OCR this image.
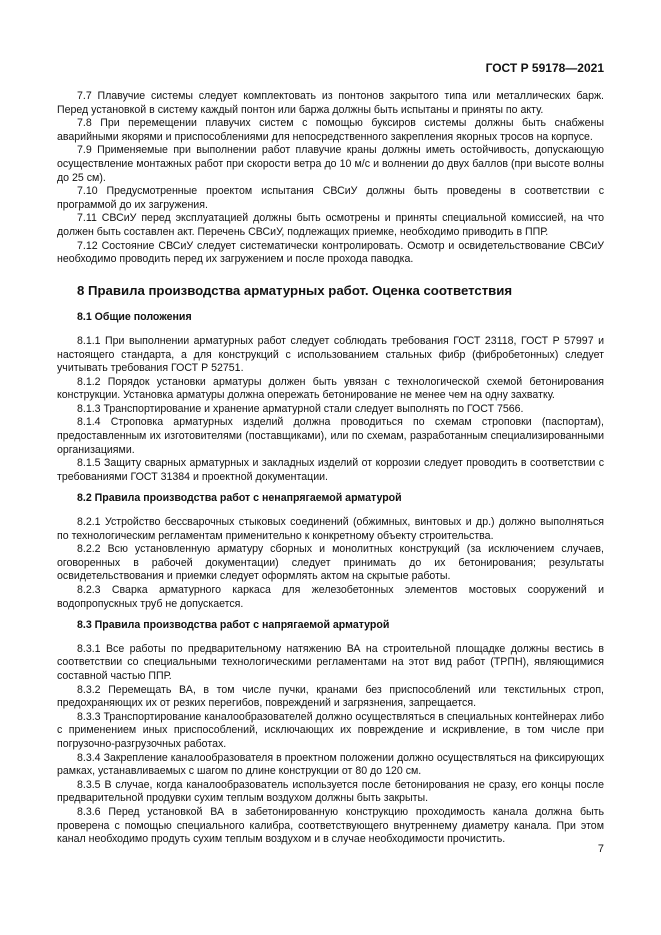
ГОСТ Р 59178—2021

7.7 Плавучие системы следует комплектовать из понтонов закрытого типа или металлических барж. Перед установкой в систему каждый понтон или баржа должны быть испытаны и приняты по акту.

7.8 При перемещении плавучих систем с помощью буксиров системы должны быть снабжены аварийными якорями и приспособлениями для непосредственного закрепления якорных тросов на корпусе.

7.9 Применяемые при выполнении работ плавучие краны должны иметь остойчивость, допускающую осуществление монтажных работ при скорости ветра до 10 м/с и волнении до двух баллов (при высоте волны до 25 см).

7.10 Предусмотренные проектом испытания СВСиУ должны быть проведены в соответствии с программой до их загружения.

7.11 СВСиУ перед эксплуатацией должны быть осмотрены и приняты специальной комиссией, на что должен быть составлен акт. Перечень СВСиУ, подлежащих приемке, необходимо приводить в ППР.

7.12 Состояние СВСиУ следует систематически контролировать. Осмотр и освидетельствование СВСиУ необходимо проводить перед их загружением и после прохода паводка.

8 Правила производства арматурных работ. Оценка соответствия
8.1 Общие положения

8.1.1 При выполнении арматурных работ следует соблюдать требования ГОСТ 23118, ГОСТ Р 57997 и настоящего стандарта, а для конструкций с использованием стальных фибр (фибробетонных) следует учитывать требования ГОСТ Р 52751.

8.1.2 Порядок установки арматуры должен быть увязан с технологической схемой бетонирования конструкции. Установка арматуры должна опережать бетонирование не менее чем на одну захватку.

8.1.3 Транспортирование и хранение арматурной стали следует выполнять по ГОСТ 7566.

8.1.4 Строповка арматурных изделий должна проводиться по схемам строповки (паспортам), предоставленным их изготовителями (поставщиками), или по схемам, разработанным специализированными организациями.

8.1.5 Защиту сварных арматурных и закладных изделий от коррозии следует проводить в соответствии с требованиями ГОСТ 31384 и проектной документации.

8.2 Правила производства работ с ненапрягаемой арматурой

8.2.1 Устройство бессварочных стыковых соединений (обжимных, винтовых и др.) должно выполняться по технологическим регламентам применительно к конкретному объекту строительства.

8.2.2 Всю установленную арматуру сборных и монолитных конструкций (за исключением случаев, оговоренных в рабочей документации) следует принимать до их бетонирования; результаты освидетельствования и приемки следует оформлять актом на скрытые работы.

8.2.3 Сварка арматурного каркаса для железобетонных элементов мостовых сооружений и водопропускных труб не допускается.

8.3 Правила производства работ с напрягаемой арматурой

8.3.1 Все работы по предварительному натяжению ВА на строительной площадке должны вестись в соответствии со специальными технологическими регламентами на этот вид работ (ТРПН), являющимися составной частью ППР.

8.3.2 Перемещать ВА, в том числе пучки, кранами без приспособлений или текстильных строп, предохраняющих их от резких перегибов, повреждений и загрязнения, запрещается.

8.3.3 Транспортирование каналообразователей должно осуществляться в специальных контейнерах либо с применением иных приспособлений, исключающих их повреждение и искривление, в том числе при погрузочно-разгрузочных работах.

8.3.4 Закрепление каналообразователя в проектном положении должно осуществляться на фиксирующих рамках, устанавливаемых с шагом по длине конструкции от 80 до 120 см.

8.3.5 В случае, когда каналообразователь используется после бетонирования не сразу, его концы после предварительной продувки сухим теплым воздухом должны быть закрыты.

8.3.6 Перед установкой ВА в забетонированную конструкцию проходимость канала должна быть проверена с помощью специального калибра, соответствующего внутреннему диаметру канала. При этом канал необходимо продуть сухим теплым воздухом и в случае необходимости прочистить.

7
